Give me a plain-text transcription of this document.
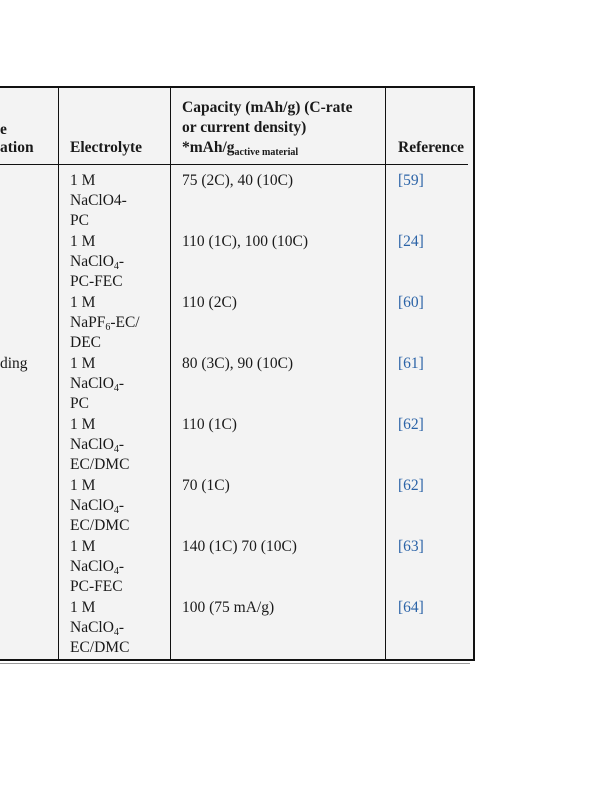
e
ation Electrolyte
Capacity (mAh/g) (C-rate
or current density)
$*mAh/g_{active material}$	Reference
ding
1 M
NaClO4-
PC
75 (2C), 40 (10C)	[59]
1 M
NaClO$_4$-
PC-FEC
110 (1C), 100 (10C)	[24]
1 M
NaPF$_6$-EC/
DEC
110 (2C)	[60]
1 M
NaClO$_4$-
PC
80 (3C), 90 (10C)	[61]
1 M
NaClO$_4$-
EC/DMC
110 (1C)	[62]
1 M
NaClO$_4$-
EC/DMC
70 (1C)	[62]
1 M
NaClO$_4$-
PC-FEC
140 (1C) 70 (10C)	[63]
1 M
NaClO$_4$-
EC/DMC
100 (75 mA/g)	[64]
